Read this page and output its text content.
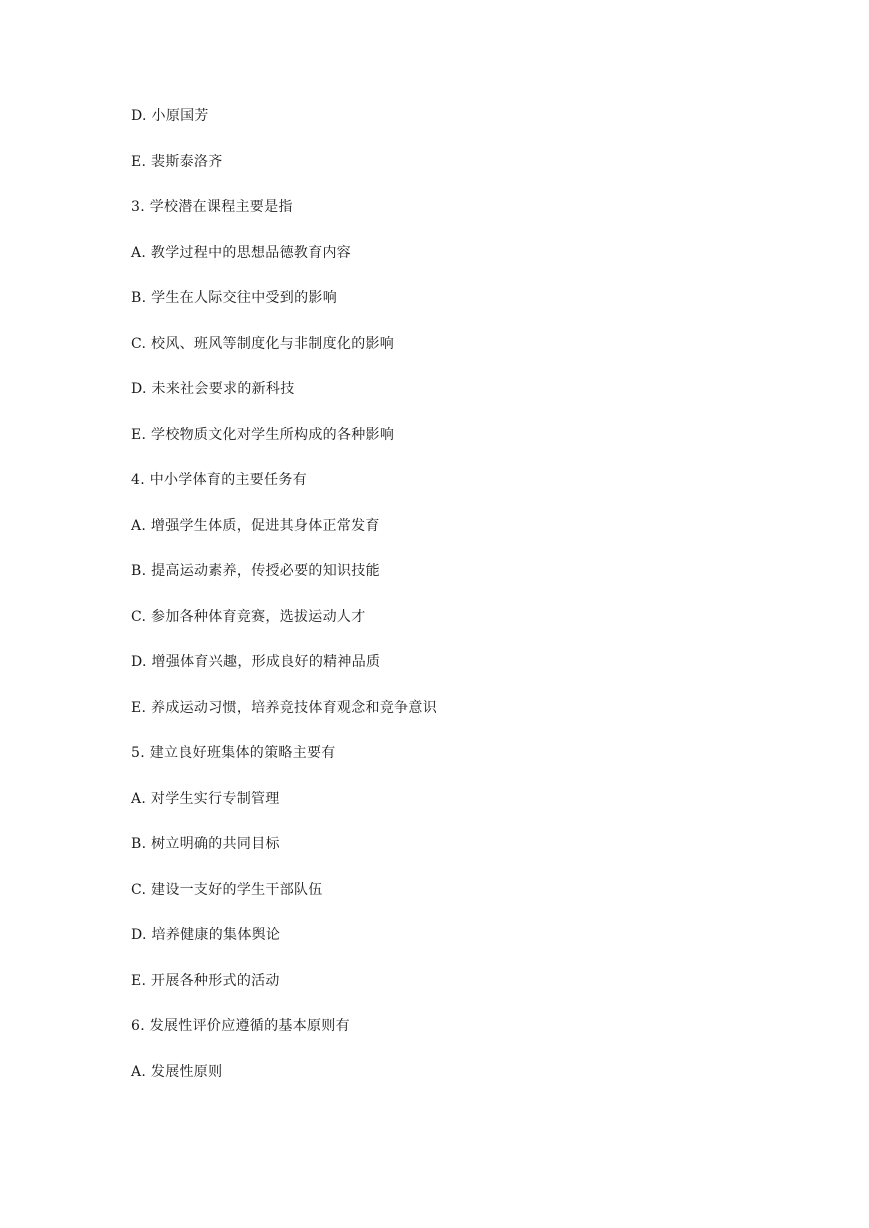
D. 小原国芳
E. 裴斯泰洛齐
3. 学校潜在课程主要是指
A. 教学过程中的思想品德教育内容
B. 学生在人际交往中受到的影响
C. 校风、班风等制度化与非制度化的影响
D. 未来社会要求的新科技
E. 学校物质文化对学生所构成的各种影响
4. 中小学体育的主要任务有
A. 增强学生体质，促进其身体正常发育
B. 提高运动素养，传授必要的知识技能
C. 参加各种体育竞赛，选拔运动人才
D. 增强体育兴趣，形成良好的精神品质
E. 养成运动习惯，培养竞技体育观念和竞争意识
5. 建立良好班集体的策略主要有
A. 对学生实行专制管理
B. 树立明确的共同目标
C. 建设一支好的学生干部队伍
D. 培养健康的集体舆论
E. 开展各种形式的活动
6. 发展性评价应遵循的基本原则有
A. 发展性原则
